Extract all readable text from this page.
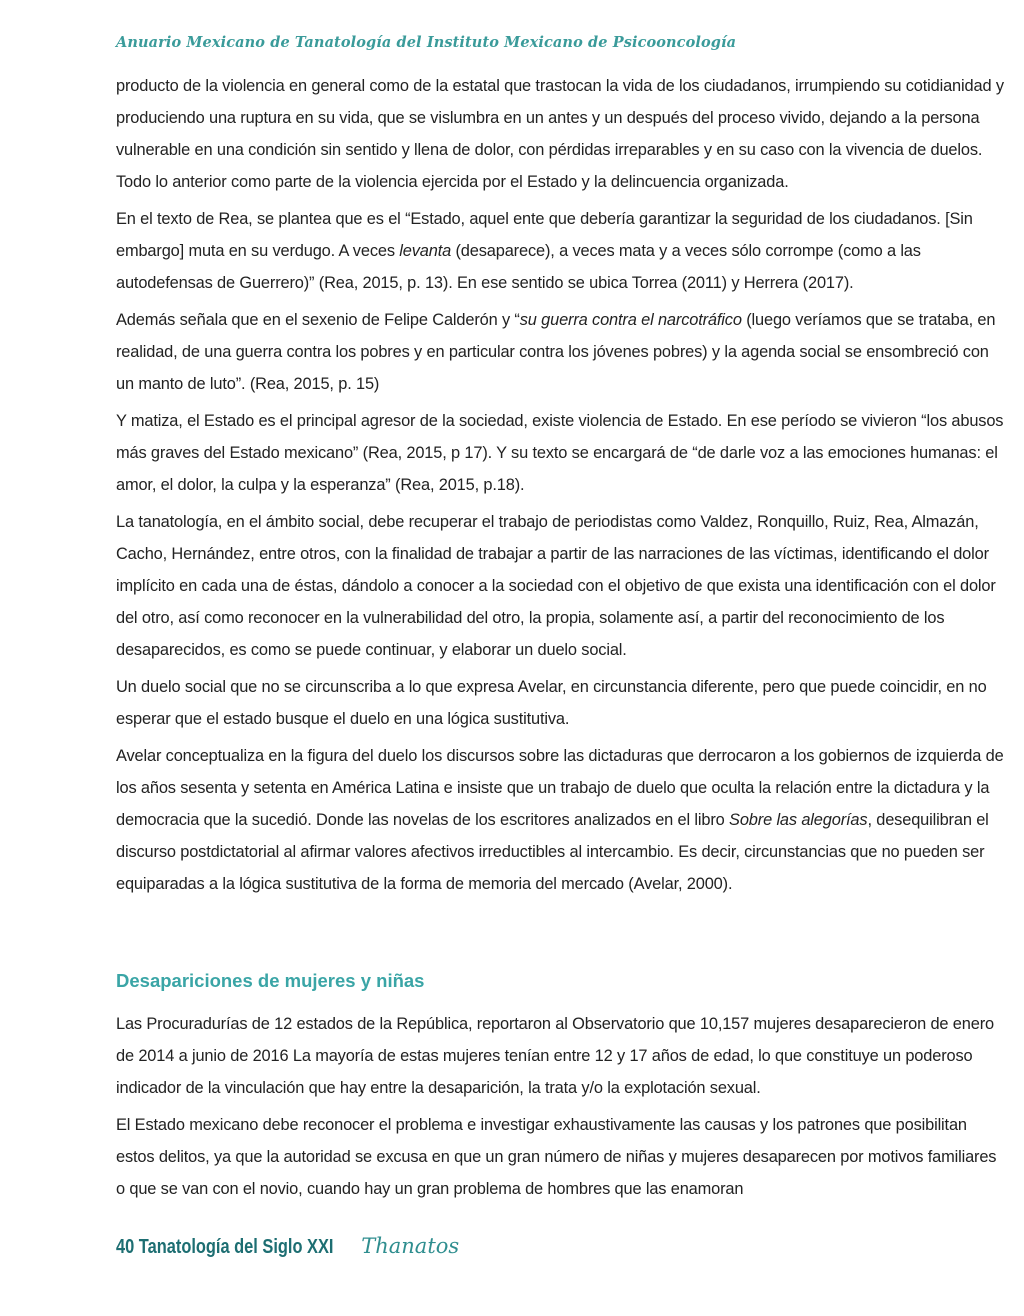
Anuario Mexicano de Tanatología del Instituto Mexicano de Psicooncología

producto de la violencia en general como de la estatal que trastocan la vida de los ciudadanos, irrumpiendo su cotidianidad y produciendo una ruptura en su vida, que se vislumbra en un antes y un después del proceso vivido, dejando a la persona vulnerable en una condición sin sentido y llena de dolor, con pérdidas irreparables y en su caso con la vivencia de duelos. Todo lo anterior como parte de la violencia ejercida por el Estado y la delincuencia organizada.

En el texto de Rea, se plantea que es el “Estado, aquel ente que debería garantizar la seguridad de los ciudadanos. [Sin embargo] muta en su verdugo. A veces levanta (desaparece), a veces mata y a veces sólo corrompe (como a las autodefensas de Guerrero)” (Rea, 2015, p. 13). En ese sentido se ubica Torrea (2011) y Herrera (2017).

Además señala que en el sexenio de Felipe Calderón y “su guerra contra el narcotráfico (luego veríamos que se trataba, en realidad, de una guerra contra los pobres y en particular contra los jóvenes pobres) y la agenda social se ensombreció con un manto de luto”. (Rea, 2015, p. 15)

Y matiza, el Estado es el principal agresor de la sociedad, existe violencia de Estado. En ese período se vivieron “los abusos más graves del Estado mexicano” (Rea, 2015, p 17). Y su texto se encargará de “de darle voz a las emociones humanas: el amor, el dolor, la culpa y la esperanza” (Rea, 2015, p.18).

La tanatología, en el ámbito social, debe recuperar el trabajo de periodistas como Valdez, Ronquillo, Ruiz, Rea, Almazán, Cacho, Hernández, entre otros, con la finalidad de trabajar a partir de las narraciones de las víctimas, identificando el dolor implícito en cada una de éstas, dándolo a conocer a la sociedad con el objetivo de que exista una identificación con el dolor del otro, así como reconocer en la vulnerabilidad del otro, la propia, solamente así, a partir del reconocimiento de los desaparecidos, es como se puede continuar, y elaborar un duelo social.

Un duelo social que no se circunscriba a lo que expresa Avelar, en circunstancia diferente, pero que puede coincidir, en no esperar que el estado busque el duelo en una lógica sustitutiva.

Avelar conceptualiza en la figura del duelo los discursos sobre las dictaduras que derrocaron a los gobiernos de izquierda de los años sesenta y setenta en América Latina e insiste que un trabajo de duelo que oculta la relación entre la dictadura y la democracia que la sucedió. Donde las novelas de los escritores analizados en el libro Sobre las alegorías, desequilibran el discurso postdictatorial al afirmar valores afectivos irreductibles al intercambio. Es decir, circunstancias que no pueden ser equiparadas a la lógica sustitutiva de la forma de memoria del mercado (Avelar, 2000).

Desapariciones de mujeres y niñas

Las Procuradurías de 12 estados de la República, reportaron al Observatorio que 10,157 mujeres desaparecieron de enero de 2014 a junio de 2016 La mayoría de estas mujeres tenían entre 12 y 17 años de edad, lo que constituye un poderoso indicador de la vinculación que hay entre la desaparición, la trata y/o la explotación sexual.

El Estado mexicano debe reconocer el problema e investigar exhaustivamente las causas y los patrones que posibilitan estos delitos, ya que la autoridad se excusa en que un gran número de niñas y mujeres desaparecen por motivos familiares o que se van con el novio, cuando hay un gran problema de hombres que las enamoran

40 Tanatología del Siglo XXI Thanatos
